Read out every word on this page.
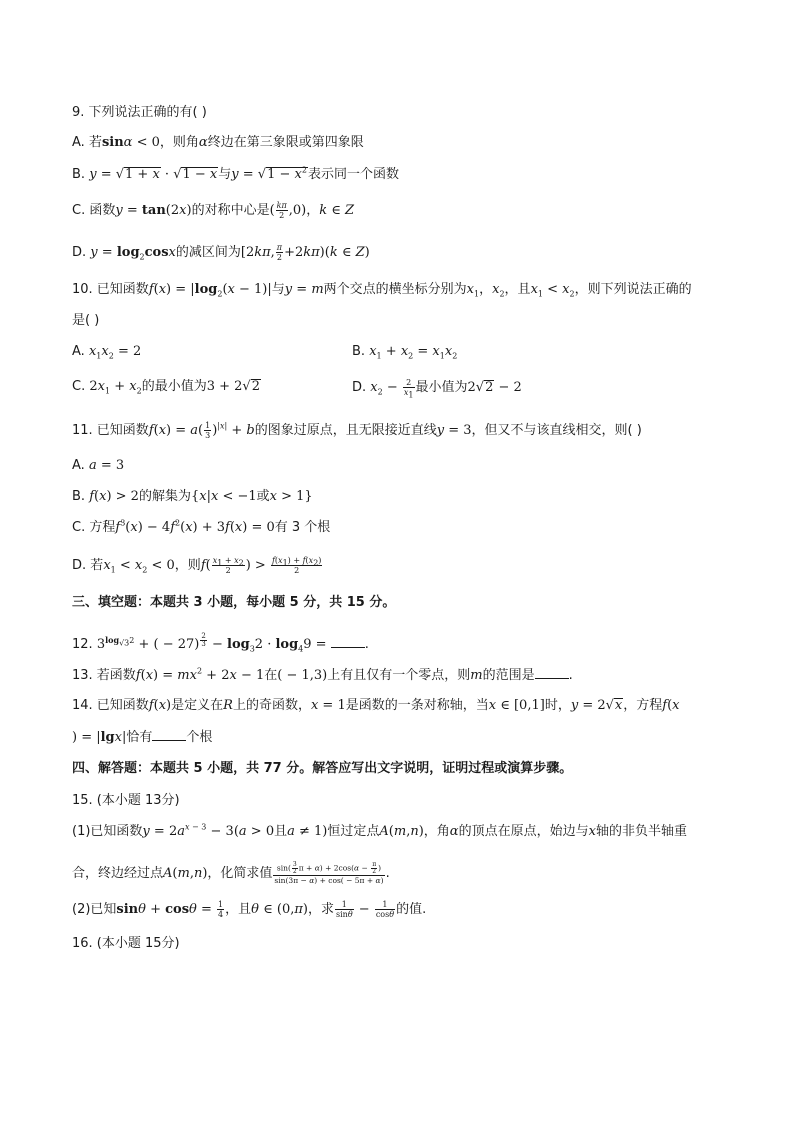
9. 下列说法正确的有( )
A. 若sinα < 0，则角α终边在第三象限或第四象限
B. y = √1 + x · √1 − x与$y = √1 - x^2$表示同一个函数
C. 函数y = tan(2x)的对称中心是( $\frac{k\pi}{2} ,0$)，k ∈ Z
D. $y = \log_2\cos x$的减区间为[2kπ, $\frac{\pi}{2} +2k\pi)(k$ ∈ Z)
10. 已知函数$f(x) = |\log_2(x - 1)|$与y = m两个交点的横坐标分别为$x_1$，$x_2$，且$x_1 < x_2$，则下列说法正确的
是( )
A. $x_1x_2 = 2$	B. $x_1 + x_2 = x_1x_2$
C. $2x_1 + x_2$的最小值为3 + 2√2	D. $x_2 - \frac{2}{x_1}$ 最小值为2√2 − 2
11. 已知函数$f(x) = a( \frac{1}{3} )^{|x|} + b$的图象过原点，且无限接近直线y = 3，但又不与该直线相交，则( )
A. a = 3
B. f(x) > 2的解集为{x|x < −1或x > 1}
C. 方程$f^3(x) - 4f^2(x) + 3f(x) = 0$有 3 个根
D. 若$x_1 < x_2 < 0$，则$f( \frac{x_1 + x_2}{2}$ ) > $\frac{f(x_1) + f(x_2)}{2}$
三、填空题：本题共 3 小题，每小题 5 分，共 15 分。
12. $3^{log_{√3}2}$ + ( − 27) $^{\frac{2}{3}} - \log_32 \cdot \log_49$ =	.
13. 若函数$f(x) = mx^2 + 2x - 1$在( − 1,3)上有且仅有一个零点，则m的范围是	.
14. 已知函数f(x)是定义在R上的奇函数，x = 1是函数的一条对称轴，当x ∈ [0,1]时，y = 2√x，方程f(x
) = |lgx|恰有	个根
四、解答题：本题共 5 小题，共 77 分。解答应写出文字说明，证明过程或演算步骤。
15. (本小题 13分)
(1)已知函数$y = 2a^{x - 3} - 3(a > 0$且a ≠ 1)恒过定点A(m,n)，角α的顶点在原点，始边与x轴的非负半轴重
合，终边经过点A(m,n)，化简求值 $\frac{\sin( \frac{3}{2} \pi + \alpha) + 2\cos(\alpha - \frac{\pi}{2} )}{\sin(3\pi - \alpha) + \cos( - 5\pi + \alpha)}$ .
(2)已知$\sin\theta + \cos\theta = \frac{1}{4}$ ，且θ ∈ (0,π)，求 $\frac{1}{\sin\theta} - \frac{1}{\cos\theta}$ 的值.
16. (本小题 15分)
